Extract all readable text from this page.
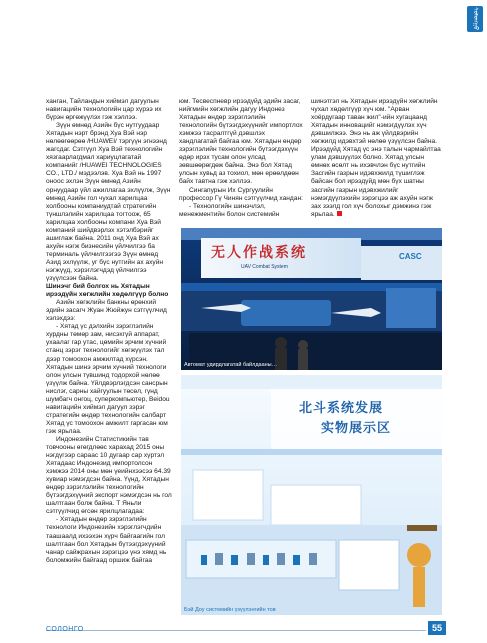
ᠰᠣᠯᠣᠩᠭ᠋ᠣ

ханган, Тайландын хиймэл дагуулын навигацийн технологийн цар хүрээ их бүрэн өргөжүүлэх гэж хэллээ.

Зүүн өмнөд Азийн бүс нутгуудаар Хятадын нэрт брэнд Хуа Вэй нэр нөлөөгөөрөө /HUAWEI/ тэргүүн эгнээнд жагсдаг. Сэтгүүл Хуа Вэй технологийн хязгаарлагдмал хариуцлагатай компанийг /HUAWEI TECHNOLOGIES CO., LTD./ мэдээлэв. Хуа Вэй нь 1997 оноос эхлэн Зүүн өмнөд Азийн орнуудаар үйл ажиллагаа эхлүүлж, Зүүн өмнөд Азийн гол чухал харилцаа холбооны компаниудтай стратегийн түншлэлийн харилцаа тогтоож, 65 харилцаа холбооны компани Хуа Вэй компаний шийдвэрлэх хэтэлбэрийг ашиглаж байна. 2011 онд Хуа Вэй ах ахуйн нэгж бизнесийн үйлчилгээ ба терминаль үйлчилгээгээ Зүүн өмнөд Азид эхлүүлж, уг бүс нутгийн ах ахуйн нэгжүүд, хэрэглэгчдэд үйлчилгээ үзүүлсээн байна.

Шинэчг бий болгох нь Хятадын ирээдүйн хөгжлийн хөдөлгүүр болно

Азийн хөгжлийн банкны өрөнхий эдийн засагч Жуан Жюйжун сэтгүүлчид хэлэхдээ:

- Хятад үс дэлхийн зэрэглэлийн хурдны төмөр зам, нисэхгүй аппарат, ухаалаг гар утас, цөмийн эрчим хүчний станц зэрэг технологийг хөгжүүлэх тал дээр томоохон амжилтад хүрсэн. Хятадын шинэ эрчим хүчний технологи олон улсын түвшинд тодорхой нөлөө үзүүлж байна. Үйлдвэрлэгдсэн сансрын нислэг, сарны хайгуулын төсөл, гүнд шумбагч онгоц, суперкомпьютер, Beidou навигацийн хиймэл дагуул зэрэг стратегийн өндөр технологийн салбарт Хятад үс томоохон амжилт гаргасан юм гэж ярьлаа.

Индонезийн Статистикийн тав товчооны өгөгдлөөс харахад 2015 оны нэгдүгээр сараас 10 дугаар сар хүртэл Хятадаас Индонезид импортолсон хэмжээ 2014 оны мөн үеийнхээсээ 64.39 хувиар нэмэгдсэн байна. Үүнд, Хятадын өндөр зэрэглэлийн технологийн бүтээгдэхүүний экспорт нэмэгдсэн нь гол шалтгаан болж байна. Т Яньли сэтгүүлчид өгсөн ярилцлагадаа:

- Хятадын өндөр зэрэглэлийн технологи Индонезийн хэрэглэгчдийн таашаалд ихээхэн хүрч байгаагийн гол шалтгаан бол Хятадын бүтээгдэхүүний чанар сайжрахын зэрэгцээ үнэ хямд нь боломжийн байгаад оршиж байгаа

юм. Тесвеспневр ирээдүйд эдийн засаг, нийгмийн хөгжлийн дагуу Индонез Хятадын өндөр зэрэглэлийн технологийн бүтээгдэхүүнийг импортлох хэмжээ тасралтгүй дэвшлэх хандлагатай байгаа юм. Хятадын өндөр зэрэглэлийн технологийн бүтээгдэхүүн өдөр ирэх тусам олон улсад зөвшөөрөгдөж байна. Энэ бол Хятад улсын хувьд аз тохиол, мөн ерөөлдөөн байх тавтна гэж хэллээ.

Сингапурын Их Сургуулийн профессор Гү Чинян сэтгүүлчид хандан:

- Технологийн шинэчлэл, менежментийн болон системийн

шинэтгэл нь Хятадын ирээдүйн хөгжлийн чухал хөдөлгүүр хүч юм. "Арван хоёрдугаар таван жил"-ийн хугацаанд Хятадын инновацийг нэмэгдүүлэх хүч дэвшилжээ. Энэ нь аж үйлдвэрийн хөгжилд идэвхтэй нөлөө үзүүлсэн байна. Ирээдүйд Хятад үс энэ талын чармайлтаа улам дэвшүүлэх болно. Хятад улсын өмнөх өсөлт нь ихэвчлэн бүс нутгийн Засгийн газрын идэвхжилд түшиглэж байсан бол ирээдүйд мөн бүх шатны засгийн газрын идэвхжилийг нэмэгдүүлэхийн зэрэгцээ аж ахуйн нэгж зах зээлд гол хүч болохыг дэмжинэ гэж ярьлаа.

无人作战系统
UAV Combat System
CASC
Автомат удирдлагатай байлдааны…
北斗系统发展
实物展示区
Бэй Доу системийн үзүүлэнгийн тов
СОЛОНГО	55
